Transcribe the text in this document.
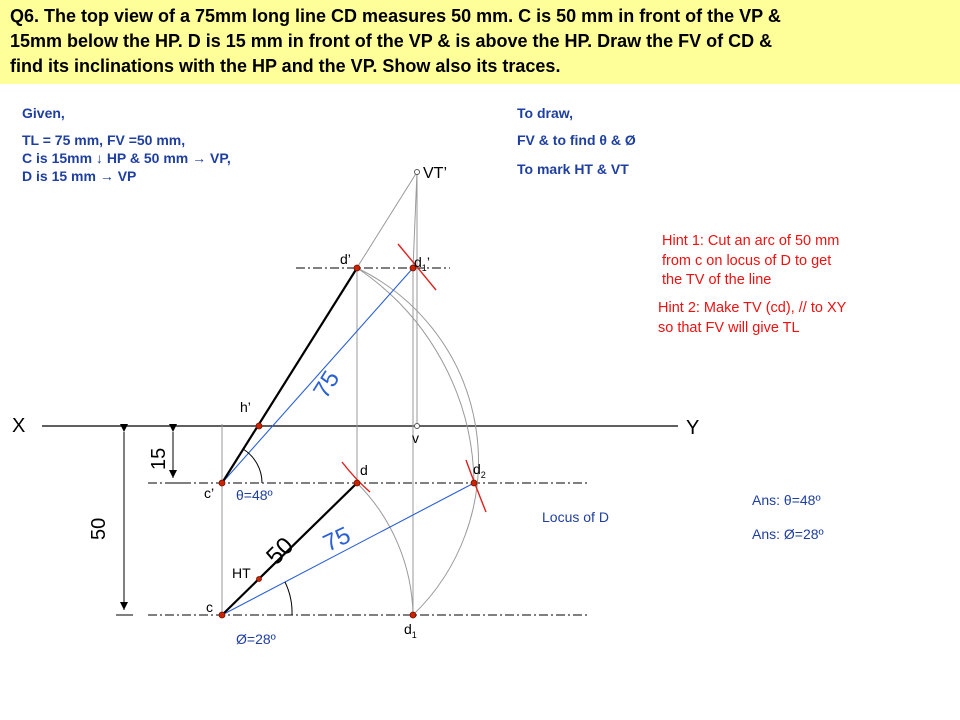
Q6. The top view of a 75mm long line CD measures 50 mm. C is 50 mm in front of the VP &
15mm below the HP. D is 15 mm in front of the VP & is above the HP. Draw the FV of CD &
find its inclinations with the HP and the VP. Show also its traces.
Given,
TL = 75 mm, FV =50 mm,
C is 15mm ↓ HP & 50 mm → VP,
D is 15 mm → VP
To draw,
FV & to find θ & Ø
To mark HT & VT
Hint 1: Cut an arc of 50 mm
from c on locus of D to get
the TV of the line
Hint 2: Make TV (cd), // to XY
so that FV will give TL
Ans: θ=48º
Ans: Ø=28º
X	Y
VT’
v
d’	$d_1$’
h’
c’
d	$d_2$
$d_1$
c
HT
θ=48º
Ø=28º
Locus of D
15
50
75
50 75
